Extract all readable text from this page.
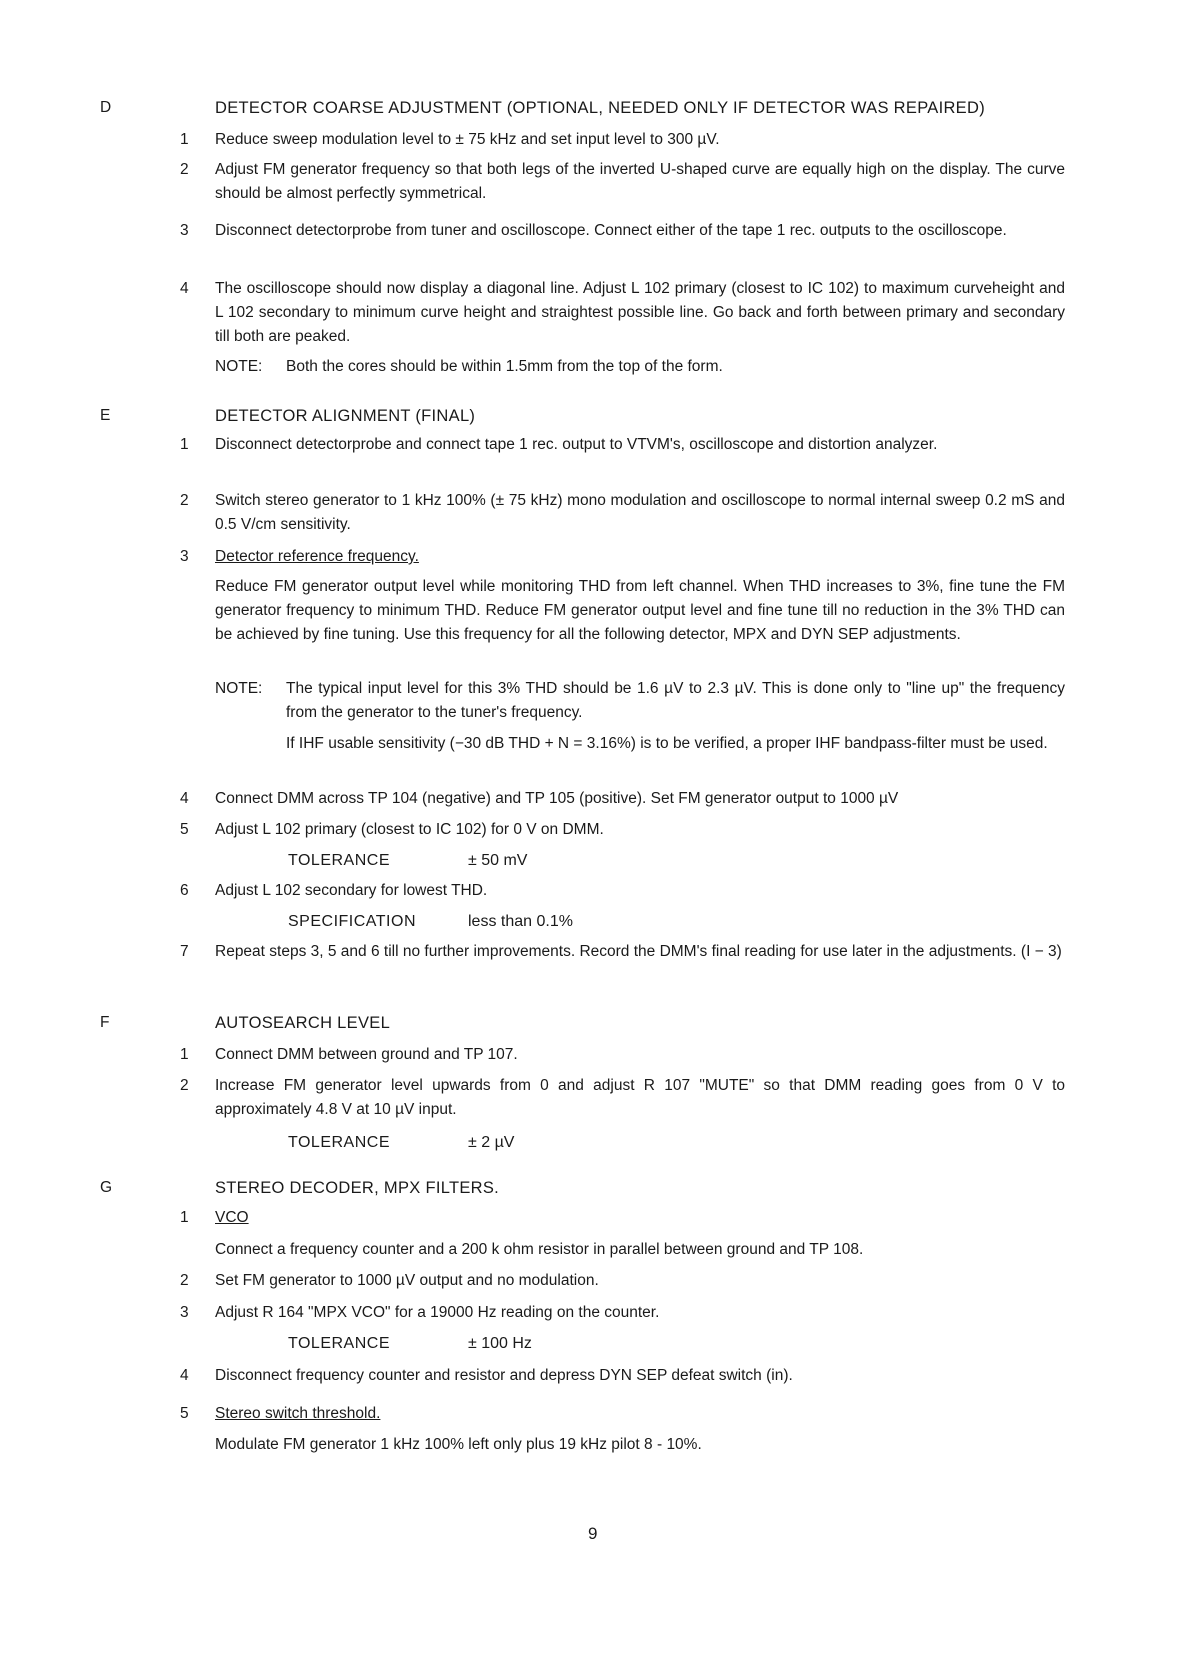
D	DETECTOR COARSE ADJUSTMENT (OPTIONAL, NEEDED ONLY IF DETECTOR WAS REPAIRED)
E	DETECTOR ALIGNMENT (FINAL)
F	AUTOSEARCH LEVEL
G	STEREO DECODER, MPX FILTERS.
1 Reduce sweep modulation level to ± 75 kHz and set input level to 300 µV.
2 Adjust FM generator frequency so that both legs of the inverted U-shaped curve are equally high on the display. The curve should be almost perfectly symmetrical.
3 Disconnect detectorprobe from tuner and oscilloscope. Connect either of the tape 1 rec. outputs to the oscilloscope.
4 The oscilloscope should now display a diagonal line. Adjust L 102 primary (closest to IC 102) to maximum curveheight and L 102 secondary to minimum curve height and straightest possible line. Go back and forth between primary and secondary till both are peaked.
NOTE: Both the cores should be within 1.5mm from the top of the form.
1 Disconnect detectorprobe and connect tape 1 rec. output to VTVM's, oscilloscope and distortion analyzer.
2 Switch stereo generator to 1 kHz 100% (± 75 kHz) mono modulation and oscilloscope to normal internal sweep 0.2 mS and 0.5 V/cm sensitivity.
3 Detector reference frequency.
Reduce FM generator output level while monitoring THD from left channel. When THD increases to 3%, fine tune the FM generator frequency to minimum THD. Reduce FM generator output level and fine tune till no reduction in the 3% THD can be achieved by fine tuning. Use this frequency for all the following detector, MPX and DYN SEP adjustments.
NOTE: The typical input level for this 3% THD should be 1.6 µV to 2.3 µV. This is done only to "line up" the frequency from the generator to the tuner's frequency.
If IHF usable sensitivity (−30 dB THD + N = 3.16%) is to be verified, a proper IHF bandpass-filter must be used.
4 Connect DMM across TP 104 (negative) and TP 105 (positive). Set FM generator output to 1000 µV
5 Adjust L 102 primary (closest to IC 102) for 0 V on DMM.
TOLERANCE	± 50 mV
6 Adjust L 102 secondary for lowest THD.
SPECIFICATION	less than 0.1%
7 Repeat steps 3, 5 and 6 till no further improvements. Record the DMM's final reading for use later in the adjustments. (I − 3)
1 Connect DMM between ground and TP 107.
2 Increase FM generator level upwards from 0 and adjust R 107 "MUTE" so that DMM reading goes from 0 V to approximately 4.8 V at 10 µV input.
TOLERANCE	± 2 µV
1 VCO
Connect a frequency counter and a 200 k ohm resistor in parallel between ground and TP 108.
2 Set FM generator to 1000 µV output and no modulation.
3 Adjust R 164 "MPX VCO" for a 19000 Hz reading on the counter.
TOLERANCE	± 100 Hz
4 Disconnect frequency counter and resistor and depress DYN SEP defeat switch (in).
5 Stereo switch threshold.
Modulate FM generator 1 kHz 100% left only plus 19 kHz pilot 8 - 10%.
9
